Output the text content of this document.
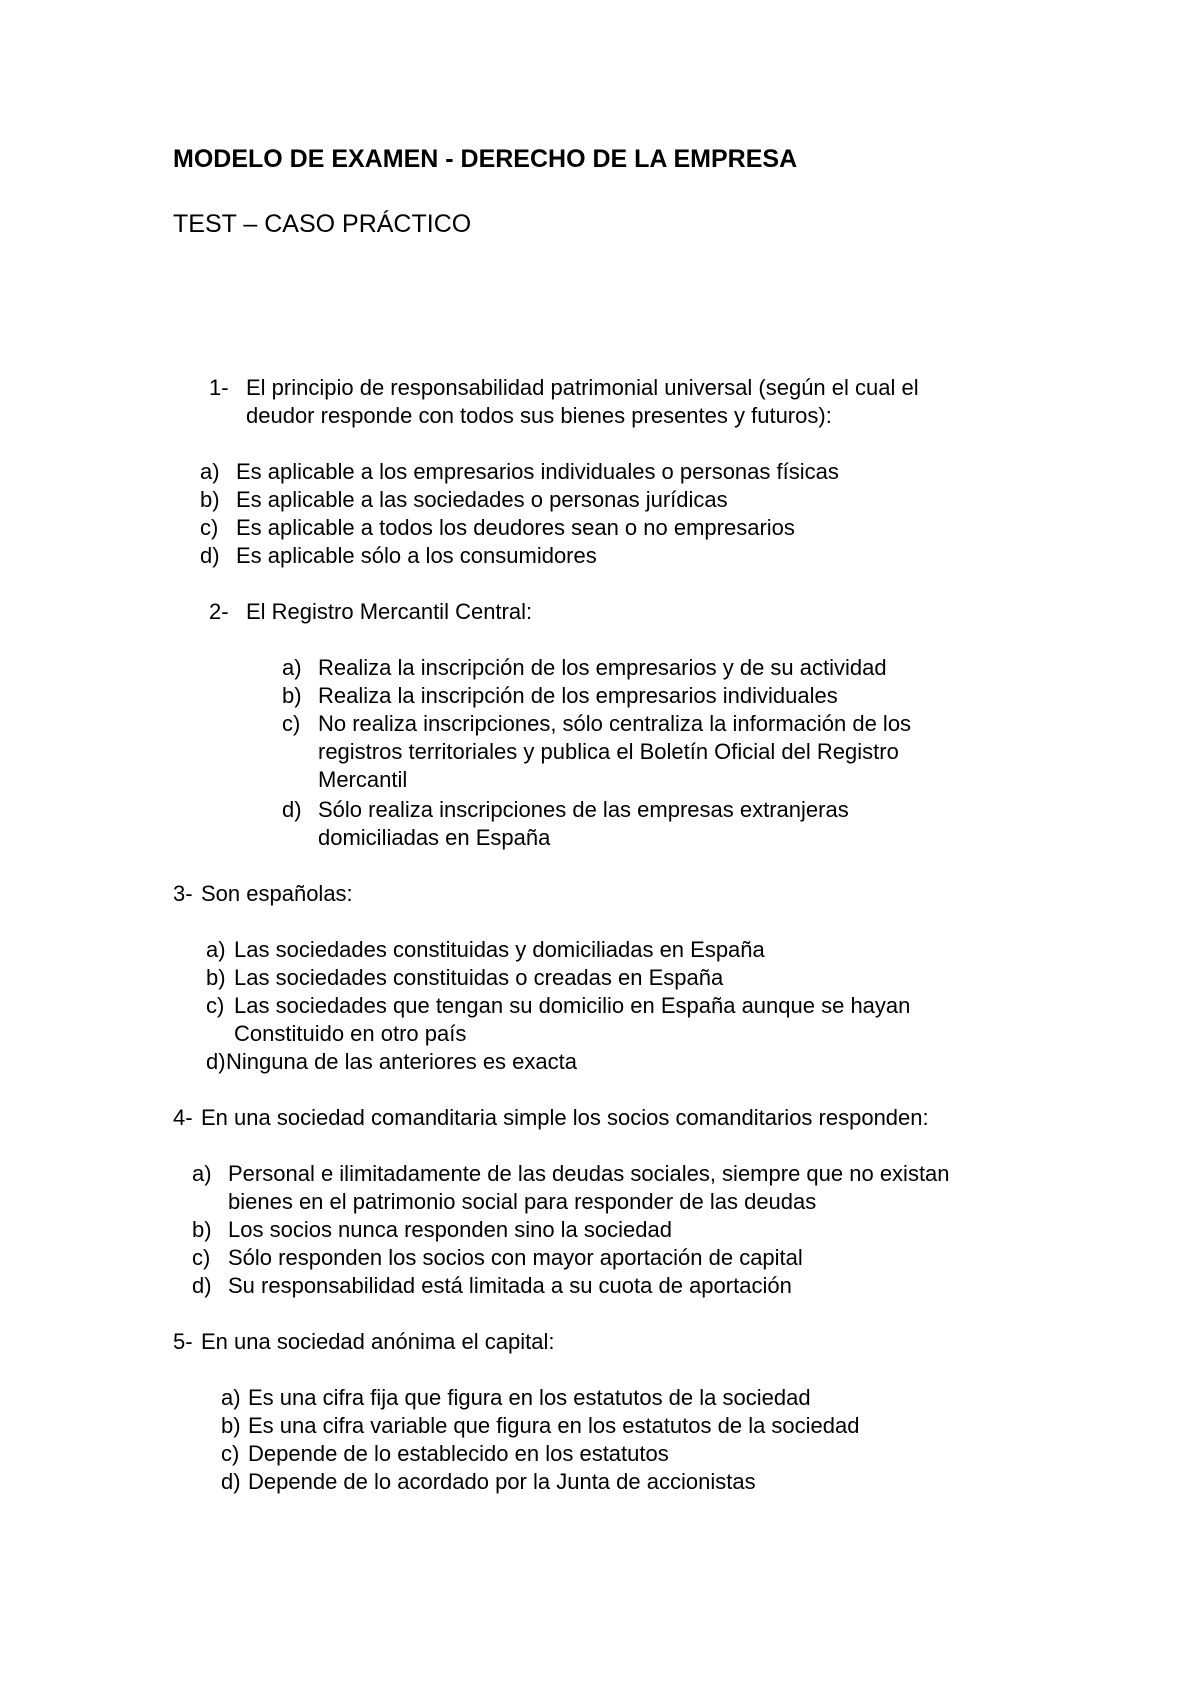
MODELO DE EXAMEN - DERECHO DE LA EMPRESA
TEST – CASO PRÁCTICO
1- El principio de responsabilidad patrimonial universal (según el cual el
deudor responde con todos sus bienes presentes y futuros):
a) Es aplicable a los empresarios individuales o personas físicas
b) Es aplicable a las sociedades o personas jurídicas
c) Es aplicable a todos los deudores sean o no empresarios
d) Es aplicable sólo a los consumidores
2- El Registro Mercantil Central:
a) Realiza la inscripción de los empresarios y de su actividad
b) Realiza la inscripción de los empresarios individuales
c) No realiza inscripciones, sólo centraliza la información de los
registros territoriales y publica el Boletín Oficial del Registro
Mercantil
d) Sólo realiza inscripciones de las empresas extranjeras
domiciliadas en España
3- Son españolas:
a) Las sociedades constituidas y domiciliadas en España
b) Las sociedades constituidas o creadas en España
c) Las sociedades que tengan su domicilio en España aunque se hayan
Constituido en otro país
d) Ninguna de las anteriores es exacta
4- En una sociedad comanditaria simple los socios comanditarios responden:
a) Personal e ilimitadamente de las deudas sociales, siempre que no existan
bienes en el patrimonio social para responder de las deudas
b) Los socios nunca responden sino la sociedad
c) Sólo responden los socios con mayor aportación de capital
d) Su responsabilidad está limitada a su cuota de aportación
5- En una sociedad anónima el capital:
a) Es una cifra fija que figura en los estatutos de la sociedad
b) Es una cifra variable que figura en los estatutos de la sociedad
c) Depende de lo establecido en los estatutos
d) Depende de lo acordado por la Junta de accionistas
